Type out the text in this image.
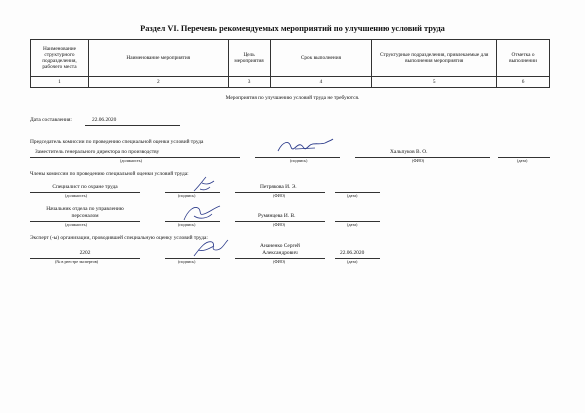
Раздел VI. Перечень рекомендуемых мероприятий по улучшению условий труда
Наименование структурного подразделения, рабочего места	Наименование мероприятия	Цель мероприятия	Срок выполнения	Структурные подразделения, привлекаемые для выполнения мероприятия	Отметка о выполнении
1	2	3	4	5	6
Мероприятия по улучшению условий труда не требуются.
Дата составления:	22.06.2020
Председатель комиссии по проведению специальной оценки условий труда
Заместитель генерального директора по производству	Хальпуков В. О.
(должность)	(подпись)	(ФИО)	(дата)
Члены комиссии по проведению специальной оценки условий труда:
Специалист по охране труда	Петрякова И. Э.
(должность)	(подпись)	(ФИО)	(дата)
Начальник отдела по управлению
персоналом	Румянцева И. В.
(должность)	(подпись)	(ФИО)	(дата)
Эксперт (-ы) организации, проводившей специальную оценку условий труда:
2202
Ананенко Сергей
Александрович	22.06.2020
(№ в реестре экспертов)	(подпись)	(ФИО)	(дата)
